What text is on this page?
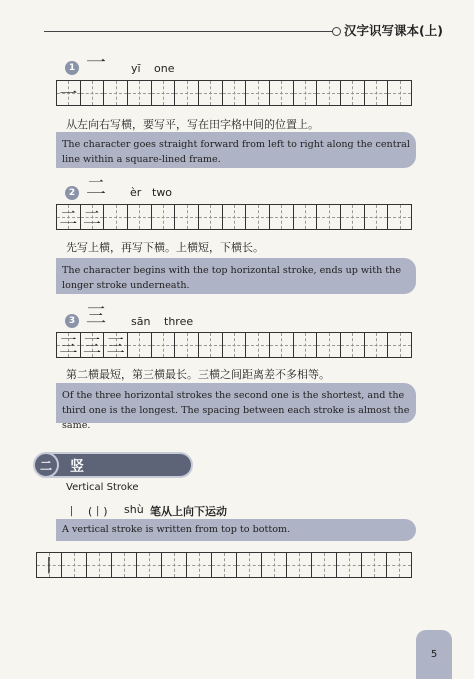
汉字识写课本(上)
1 一 yī one
一
从左向右写横，要写平，写在田字格中间的位置上。
The character goes straight forward from left to right along the central line within a square-lined frame.
2 二 èr two
二 二
先写上横，再写下横。上横短，下横长。
The character begins with the top horizontal stroke, ends up with the longer stroke underneath.
3 三 sān three
三 三 三
第二横最短，第三横最长。三横之间距离差不多相等。
Of the three horizontal strokes the second one is the shortest, and the third one is the longest. The spacing between each stroke is almost the same.
二	竖
Vertical Stroke
丨 (丨) shù 笔从上向下运动
A vertical stroke is written from top to bottom.
丨
5
